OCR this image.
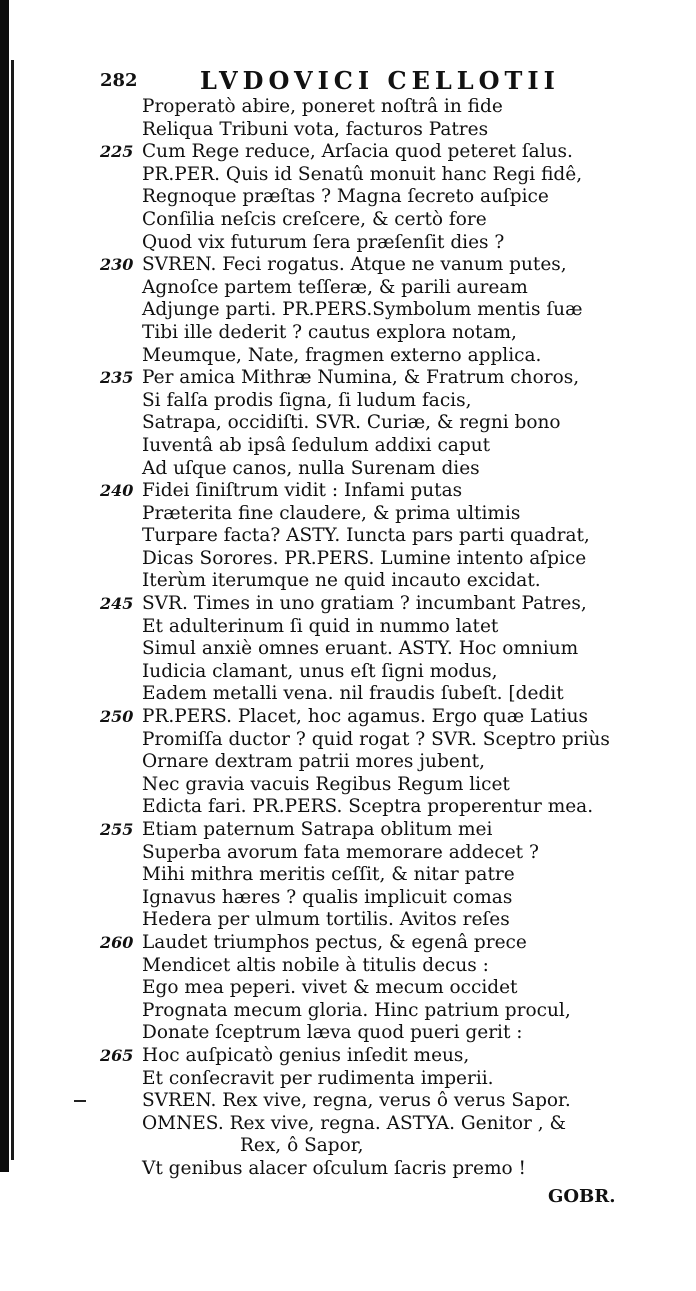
282	LVDOVICI CELLOTII
Properatò abire, poneret noſtrâ in fide
Reliqua Tribuni vota, facturos Patres
225 Cum Rege reduce, Arſacia quod peteret ſalus.
PR.PER. Quis id Senatû monuit hanc Regi fidê,
Regnoque præſtas ? Magna ſecreto auſpice
Conſilia neſcis creſcere, & certò fore
Quod vix futurum ſera præſenſit dies ?
230 SVREN. Feci rogatus. Atque ne vanum putes,
Agnoſce partem teſſeræ, & parili auream
Adjunge parti. PR.PERS.Symbolum mentis ſuæ
Tibi ille dederit ? cautus explora notam,
Meumque, Nate, fragmen externo applica.
235 Per amica Mithræ Numina, & Fratrum choros,
Si falſa prodis ſigna, ſi ludum facis,
Satrapa, occidiſti. SVR. Curiæ, & regni bono
Iuventâ ab ipsâ ſedulum addixi caput
Ad uſque canos, nulla Surenam dies
240 Fidei ſiniſtrum vidit : Infami putas
Præterita fine claudere, & prima ultimis
Turpare facta? ASTY. Iuncta pars parti quadrat,
Dicas Sorores. PR.PERS. Lumine intento aſpice
Iterùm iterumque ne quid incauto excidat.
245 SVR. Times in uno gratiam ? incumbant Patres,
Et adulterinum ſi quid in nummo latet
Simul anxiè omnes eruant. ASTY. Hoc omnium
Iudicia clamant, unus eſt ſigni modus,
Eadem metalli vena. nil fraudis ſubeſt. [dedit
250 PR.PERS. Placet, hoc agamus. Ergo quæ Latius
Promiſſa ductor ? quid rogat ? SVR. Sceptro priùs
Ornare dextram patrii mores jubent,
Nec gravia vacuis Regibus Regum licet
Edicta fari. PR.PERS. Sceptra properentur mea.
255 Etiam paternum Satrapa oblitum mei
Superba avorum fata memorare addecet ?
Mihi mithra meritis ceſſit, & nitar patre
Ignavus hæres ? qualis implicuit comas
Hedera per ulmum tortilis. Avitos reſes
260 Laudet triumphos pectus, & egenâ prece
Mendicet altis nobile à titulis decus :
Ego mea peperi. vivet & mecum occidet
Prognata mecum gloria. Hinc patrium procul,
Donate ſceptrum læva quod pueri gerit :
265 Hoc auſpicatò genius inſedit meus,
Et conſecravit per rudimenta imperii.
SVREN. Rex vive, regna, verus ô verus Sapor.
OMNES. Rex vive, regna. ASTYA. Genitor , &
Rex, ô Sapor,
Vt genibus alacer oſculum ſacris premo !
GOBR.
